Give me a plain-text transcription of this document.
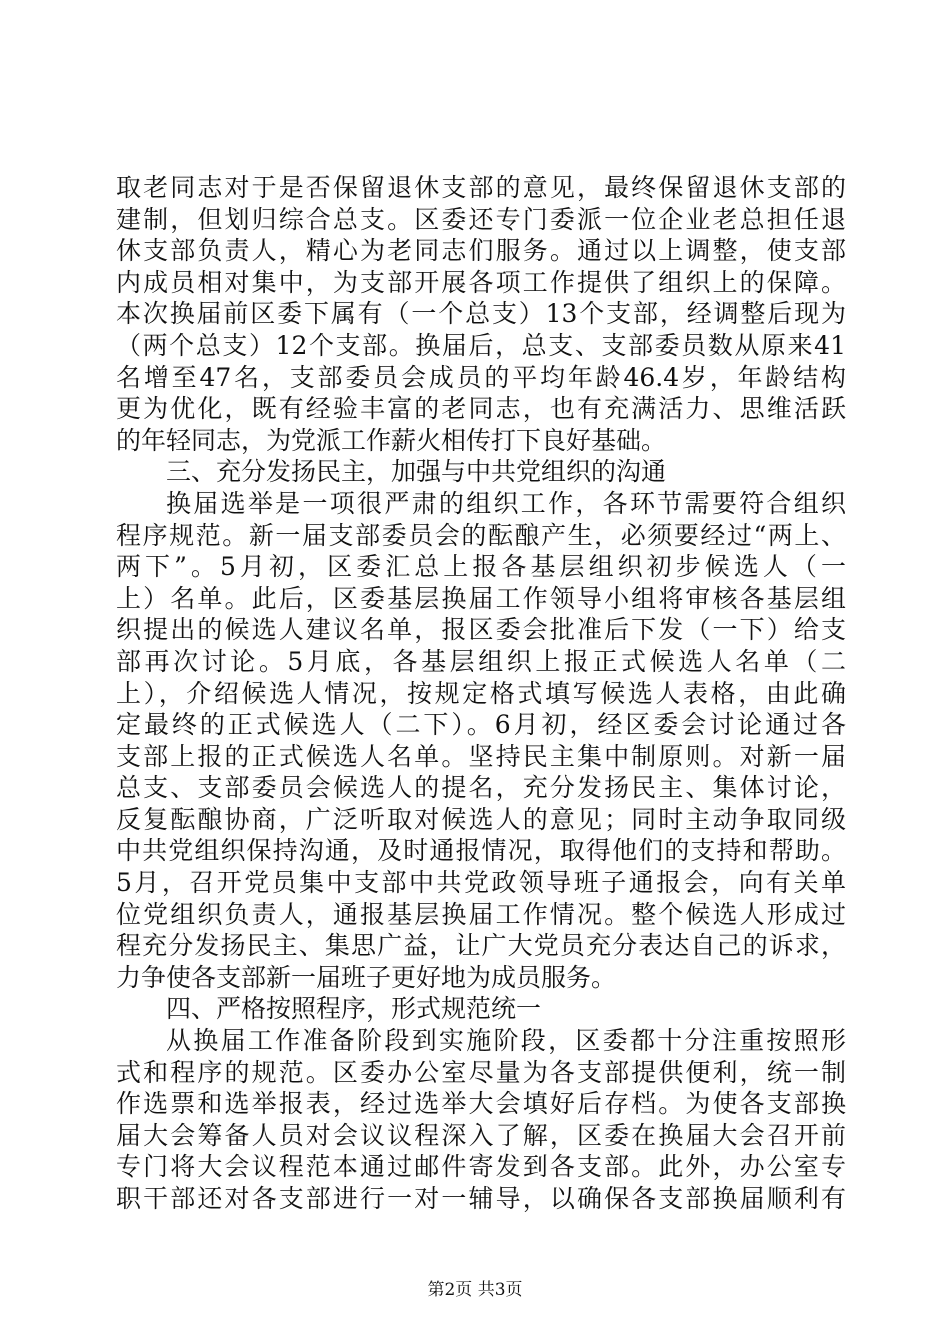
取老同志对于是否保留退休支部的意见，最终保留退休支部的
建制，但划归综合总支。区委还专门委派一位企业老总担任退
休支部负责人，精心为老同志们服务。通过以上调整，使支部
内成员相对集中，为支部开展各项工作提供了组织上的保障。
本次换届前区委下属有（一个总支）13个支部，经调整后现为
（两个总支）12个支部。换届后，总支、支部委员数从原来41
名增至47名，支部委员会成员的平均年龄46.4岁，年龄结构
更为优化，既有经验丰富的老同志，也有充满活力、思维活跃
的年轻同志，为党派工作薪火相传打下良好基础。
三、充分发扬民主，加强与中共党组织的沟通
换届选举是一项很严肃的组织工作，各环节需要符合组织
程序规范。新一届支部委员会的酝酿产生，必须要经过“两上、
两下”。5月初，区委汇总上报各基层组织初步候选人（一
上）名单。此后，区委基层换届工作领导小组将审核各基层组
织提出的候选人建议名单，报区委会批准后下发（一下）给支
部再次讨论。5月底，各基层组织上报正式候选人名单（二
上），介绍候选人情况，按规定格式填写候选人表格，由此确
定最终的正式候选人（二下）。6月初，经区委会讨论通过各
支部上报的正式候选人名单。坚持民主集中制原则。对新一届
总支、支部委员会候选人的提名，充分发扬民主、集体讨论，
反复酝酿协商，广泛听取对候选人的意见；同时主动争取同级
中共党组织保持沟通，及时通报情况，取得他们的支持和帮助。
5月，召开党员集中支部中共党政领导班子通报会，向有关单
位党组织负责人，通报基层换届工作情况。整个候选人形成过
程充分发扬民主、集思广益，让广大党员充分表达自己的诉求，
力争使各支部新一届班子更好地为成员服务。
四、严格按照程序，形式规范统一
从换届工作准备阶段到实施阶段，区委都十分注重按照形
式和程序的规范。区委办公室尽量为各支部提供便利，统一制
作选票和选举报表，经过选举大会填好后存档。为使各支部换
届大会筹备人员对会议议程深入了解，区委在换届大会召开前
专门将大会议程范本通过邮件寄发到各支部。此外，办公室专
职干部还对各支部进行一对一辅导，以确保各支部换届顺利有
第2页 共3页
